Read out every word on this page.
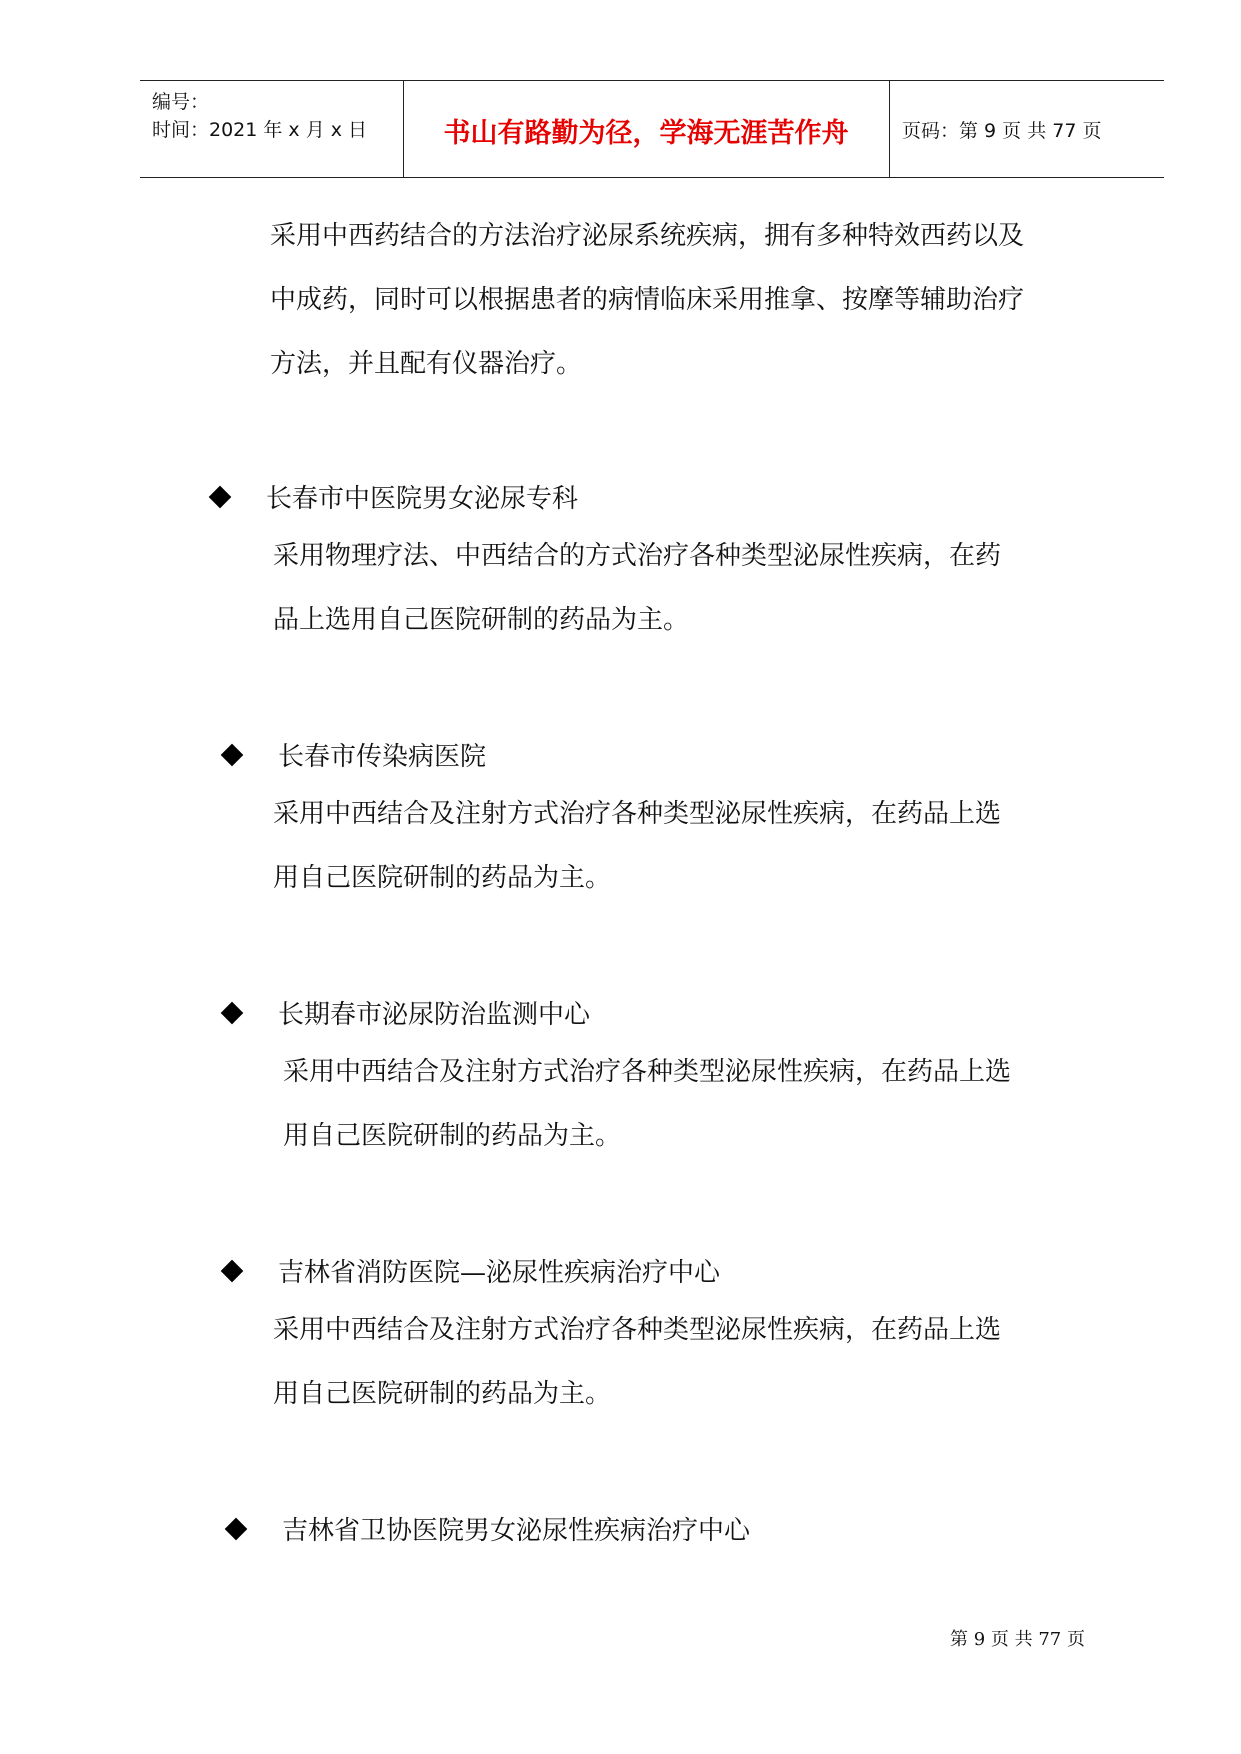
编号：
时间：2021 年 x 月 x 日	书山有路勤为径，学海无涯苦作舟	页码：第 9 页 共 77 页
采用中西药结合的方法治疗泌尿系统疾病，拥有多种特效西药以及
中成药，同时可以根据患者的病情临床采用推拿、按摩等辅助治疗
方法，并且配有仪器治疗。
长春市中医院男女泌尿专科
采用物理疗法、中西结合的方式治疗各种类型泌尿性疾病，在药
品上选用自己医院研制的药品为主。
长春市传染病医院
采用中西结合及注射方式治疗各种类型泌尿性疾病，在药品上选
用自己医院研制的药品为主。
长期春市泌尿防治监测中心
采用中西结合及注射方式治疗各种类型泌尿性疾病，在药品上选
用自己医院研制的药品为主。
吉林省消防医院—泌尿性疾病治疗中心
采用中西结合及注射方式治疗各种类型泌尿性疾病，在药品上选
用自己医院研制的药品为主。
吉林省卫协医院男女泌尿性疾病治疗中心
第 9 页 共 77 页
